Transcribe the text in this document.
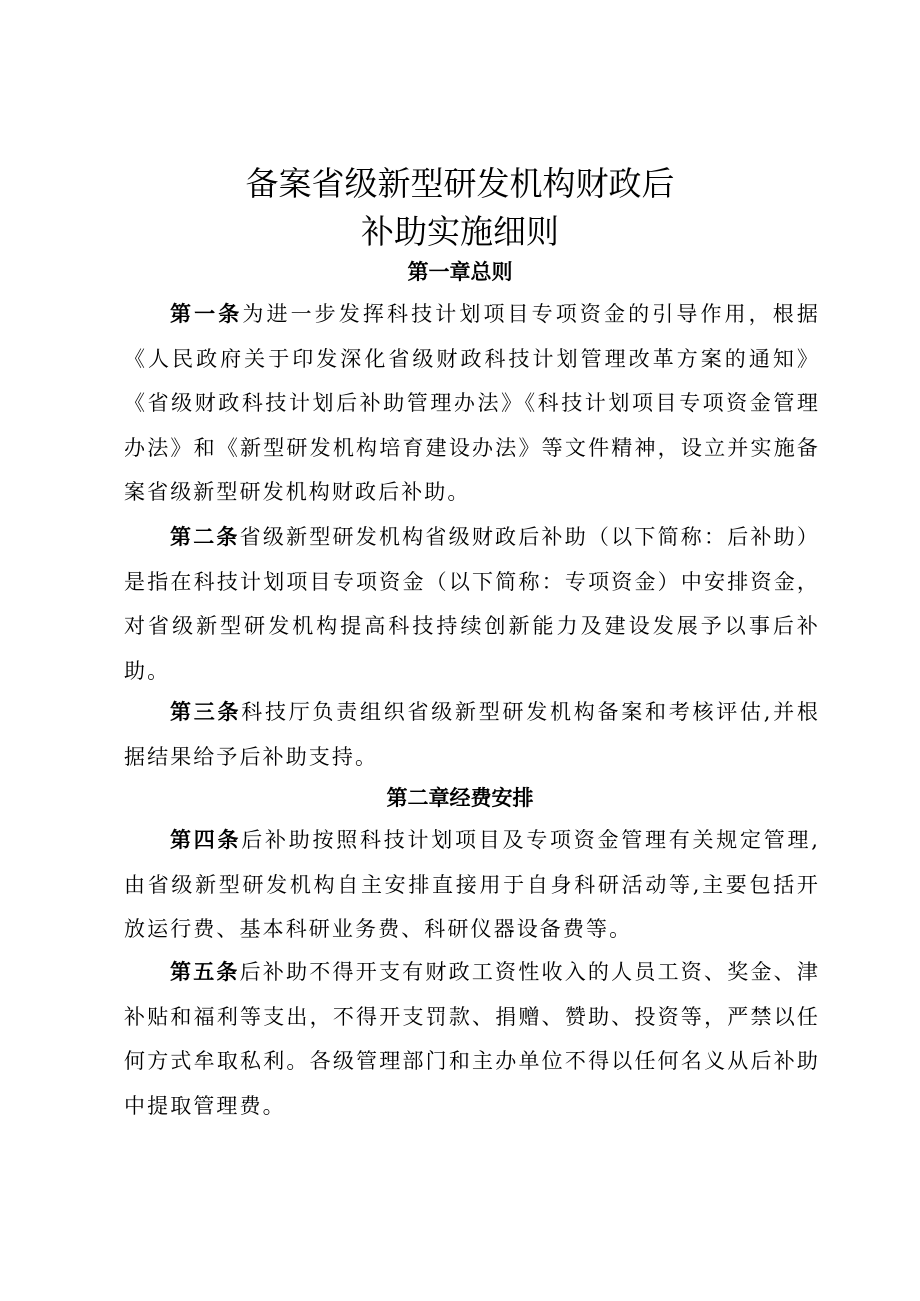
备案省级新型研发机构财政后
补助实施细则
第一章总则

第一条为进一步发挥科技计划项目专项资金的引导作用，根据《人民政府关于印发深化省级财政科技计划管理改革方案的通知》《省级财政科技计划后补助管理办法》《科技计划项目专项资金管理办法》和《新型研发机构培育建设办法》等文件精神，设立并实施备案省级新型研发机构财政后补助。

第二条省级新型研发机构省级财政后补助（以下简称：后补助）是指在科技计划项目专项资金（以下简称：专项资金）中安排资金，对省级新型研发机构提高科技持续创新能力及建设发展予以事后补助。

第三条科技厅负责组织省级新型研发机构备案和考核评估,并根据结果给予后补助支持。

第二章经费安排

第四条后补助按照科技计划项目及专项资金管理有关规定管理,由省级新型研发机构自主安排直接用于自身科研活动等,主要包括开放运行费、基本科研业务费、科研仪器设备费等。

第五条后补助不得开支有财政工资性收入的人员工资、奖金、津补贴和福利等支出，不得开支罚款、捐赠、赞助、投资等，严禁以任何方式牟取私利。各级管理部门和主办单位不得以任何名义从后补助中提取管理费。
